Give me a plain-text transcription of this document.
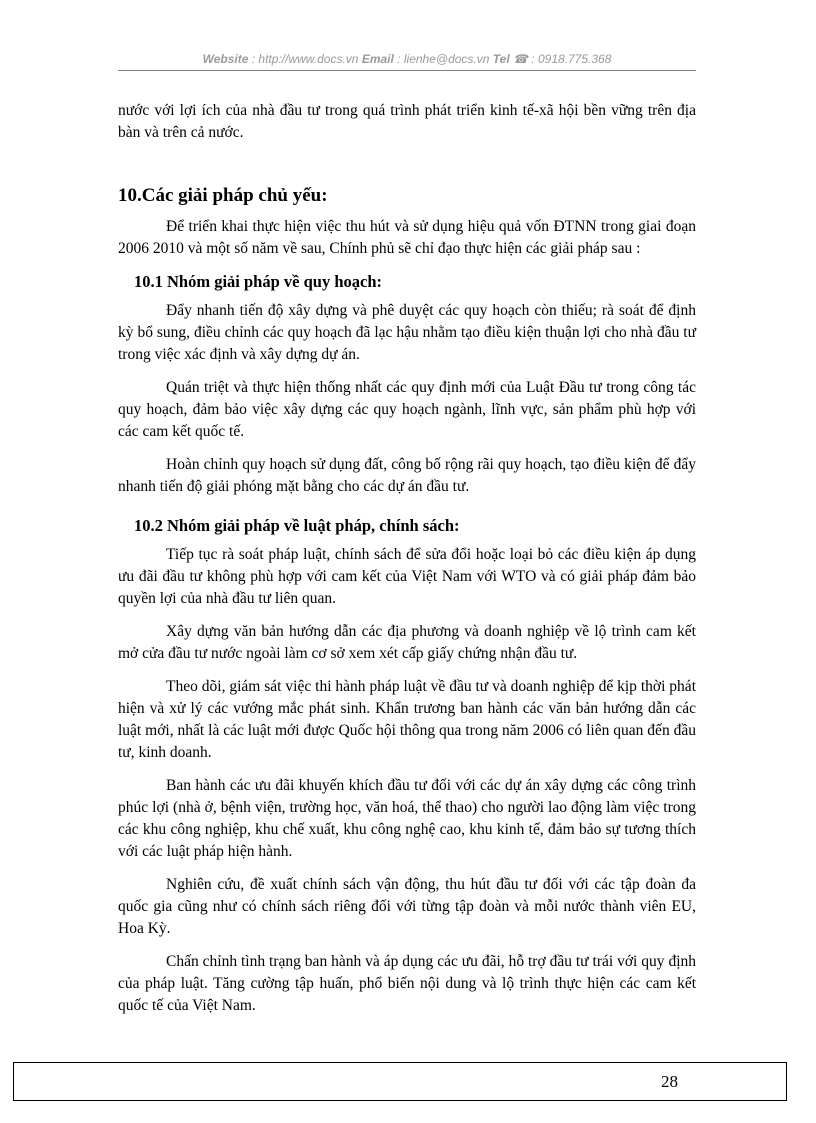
Website : http://www.docs.vn Email : lienhe@docs.vn Tel ☎ : 0918.775.368

nước với lợi ích của nhà đầu tư trong quá trình phát triển kinh tế-xã hội bền vững trên địa bàn và trên cả nước.

10.Các giải pháp chủ yếu:

Để triển khai thực hiện việc thu hút và sử dụng hiệu quả vốn ĐTNN trong giai đoạn 2006 2010 và một số năm về sau, Chính phủ sẽ chỉ đạo thực hiện các giải pháp sau :

10.1 Nhóm giải pháp về quy hoạch:

Đẩy nhanh tiến độ xây dựng và phê duyệt các quy hoạch còn thiếu; rà soát để định kỳ bổ sung, điều chỉnh các quy hoạch đã lạc hậu nhằm tạo điều kiện thuận lợi cho nhà đầu tư trong việc xác định và xây dựng dự án.

Quán triệt và thực hiện thống nhất các quy định mới của Luật Đầu tư trong công tác quy hoạch, đảm bảo việc xây dựng các quy hoạch ngành, lĩnh vực, sản phẩm phù hợp với các cam kết quốc tế.

Hoàn chỉnh quy hoạch sử dụng đất, công bố rộng rãi quy hoạch, tạo điều kiện để đẩy nhanh tiến độ giải phóng mặt bằng cho các dự án đầu tư.

10.2 Nhóm giải pháp về luật pháp, chính sách:

Tiếp tục rà soát pháp luật, chính sách để sửa đổi hoặc loại bỏ các điều kiện áp dụng ưu đãi đầu tư không phù hợp với cam kết của Việt Nam với WTO và có giải pháp đảm bảo quyền lợi của nhà đầu tư liên quan.

Xây dựng văn bản hướng dẫn các địa phương và doanh nghiệp về lộ trình cam kết mở cửa đầu tư nước ngoài làm cơ sở xem xét cấp giấy chứng nhận đầu tư.

Theo dõi, giám sát việc thi hành pháp luật về đầu tư và doanh nghiệp để kịp thời phát hiện và xử lý các vướng mắc phát sinh. Khẩn trương ban hành các văn bản hướng dẫn các luật mới, nhất là các luật mới được Quốc hội thông qua trong năm 2006 có liên quan đến đầu tư, kinh doanh.

Ban hành các ưu đãi khuyến khích đầu tư đối với các dự án xây dựng các công trình phúc lợi (nhà ở, bệnh viện, trường học, văn hoá, thể thao) cho người lao động làm việc trong các khu công nghiệp, khu chế xuất, khu công nghệ cao, khu kinh tế, đảm bảo sự tương thích với các luật pháp hiện hành.

Nghiên cứu, đề xuất chính sách vận động, thu hút đầu tư đối với các tập đoàn đa quốc gia cũng như có chính sách riêng đối với từng tập đoàn và mỗi nước thành viên EU, Hoa Kỳ.

Chấn chỉnh tình trạng ban hành và áp dụng các ưu đãi, hỗ trợ đầu tư trái với quy định của pháp luật. Tăng cường tập huấn, phổ biến nội dung và lộ trình thực hiện các cam kết quốc tế của Việt Nam.

28
